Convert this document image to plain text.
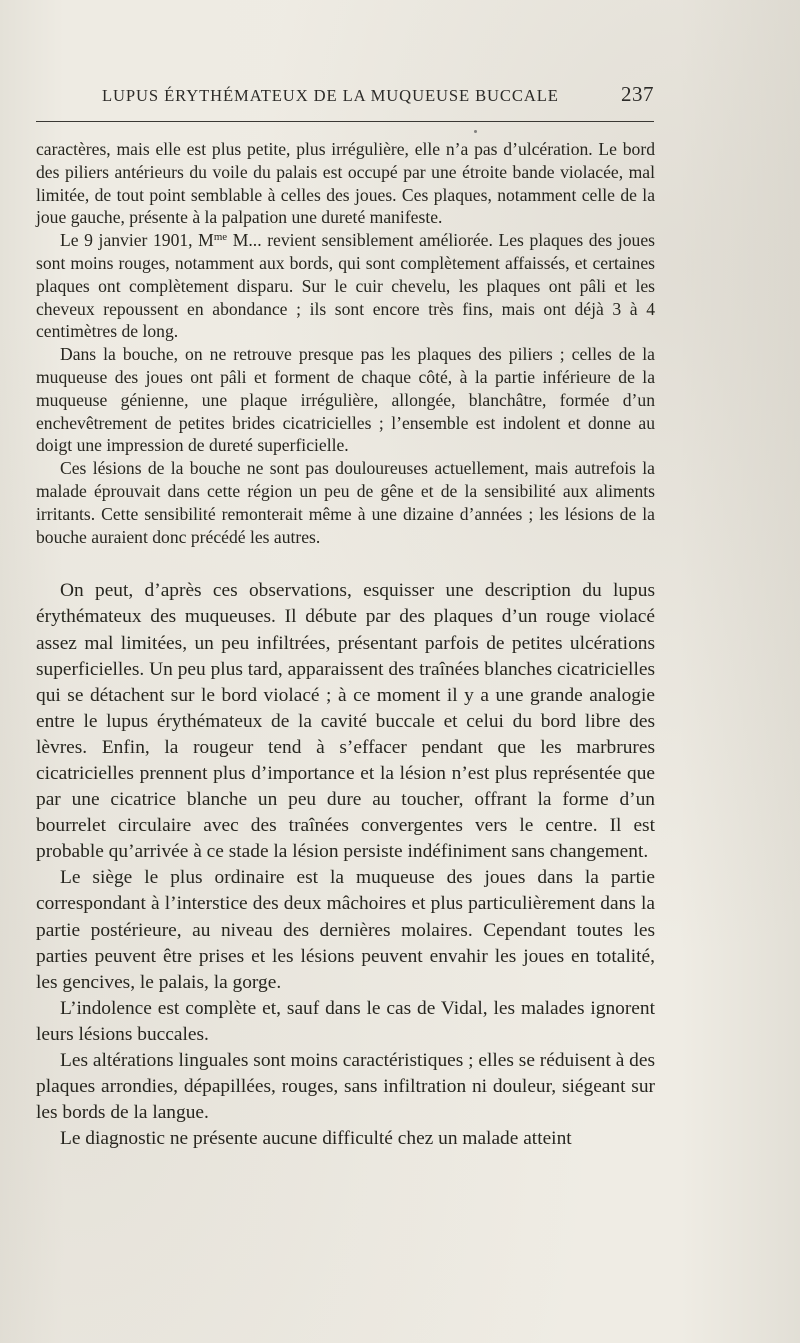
LUPUS ÉRYTHÉMATEUX DE LA MUQUEUSE BUCCALE	237

caractères, mais elle est plus petite, plus irrégulière, elle n’a pas d’ulcération. Le bord des piliers antérieurs du voile du palais est occupé par une étroite bande violacée, mal limitée, de tout point semblable à celles des joues. Ces plaques, notamment celle de la joue gauche, présente à la palpation une dureté manifeste.

Le 9 janvier 1901, $M^{me}$ M... revient sensiblement améliorée. Les plaques des joues sont moins rouges, notamment aux bords, qui sont complètement affaissés, et certaines plaques ont complètement disparu. Sur le cuir chevelu, les plaques ont pâli et les cheveux repoussent en abondance ; ils sont encore très fins, mais ont déjà 3 à 4 centimètres de long.

Dans la bouche, on ne retrouve presque pas les plaques des piliers ; celles de la muqueuse des joues ont pâli et forment de chaque côté, à la partie inférieure de la muqueuse génienne, une plaque irrégulière, allongée, blanchâtre, formée d’un enchevêtrement de petites brides cicatricielles ; l’ensemble est indolent et donne au doigt une impression de dureté superficielle.

Ces lésions de la bouche ne sont pas douloureuses actuellement, mais autrefois la malade éprouvait dans cette région un peu de gêne et de la sensibilité aux aliments irritants. Cette sensibilité remonterait même à une dizaine d’années ; les lésions de la bouche auraient donc précédé les autres.

On peut, d’après ces observations, esquisser une description du lupus érythémateux des muqueuses. Il débute par des plaques d’un rouge violacé assez mal limitées, un peu infiltrées, présentant parfois de petites ulcérations superficielles. Un peu plus tard, apparaissent des traînées blanches cicatricielles qui se détachent sur le bord violacé ; à ce moment il y a une grande analogie entre le lupus érythémateux de la cavité buccale et celui du bord libre des lèvres. Enfin, la rougeur tend à s’effacer pendant que les marbrures cicatricielles prennent plus d’importance et la lésion n’est plus représentée que par une cicatrice blanche un peu dure au toucher, offrant la forme d’un bourrelet circulaire avec des traînées convergentes vers le centre. Il est probable qu’arrivée à ce stade la lésion persiste indéfiniment sans changement.

Le siège le plus ordinaire est la muqueuse des joues dans la partie correspondant à l’interstice des deux mâchoires et plus particulièrement dans la partie postérieure, au niveau des dernières molaires. Cependant toutes les parties peuvent être prises et les lésions peuvent envahir les joues en totalité, les gencives, le palais, la gorge.

L’indolence est complète et, sauf dans le cas de Vidal, les malades ignorent leurs lésions buccales.

Les altérations linguales sont moins caractéristiques ; elles se réduisent à des plaques arrondies, dépapillées, rouges, sans infiltration ni douleur, siégeant sur les bords de la langue.

Le diagnostic ne présente aucune difficulté chez un malade atteint
